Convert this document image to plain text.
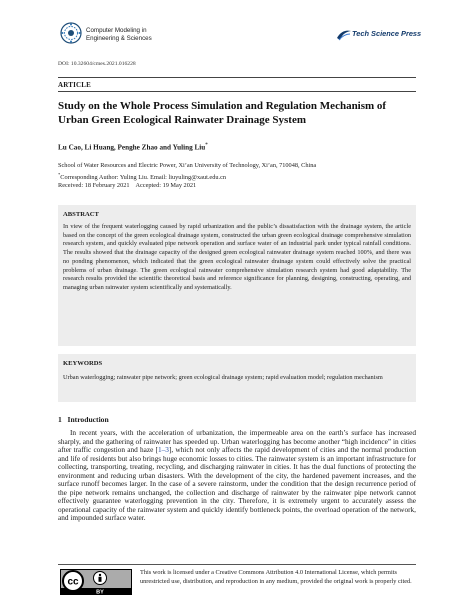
Computer Modeling in
Engineering & Sciences
Tech Science Press
DOI: 10.32604/cmes.2021.016228
ARTICLE
Study on the Whole Process Simulation and Regulation Mechanism of Urban Green Ecological Rainwater Drainage System
Lu Cao, Li Huang, Penghe Zhao and Yuling Liu*
School of Water Resources and Electric Power, Xi’an University of Technology, Xi’an, 710048, China
*Corresponding Author: Yuling Liu. Email: liuyuling@xaut.edu.cn
Received: 18 February 2021    Accepted: 19 May 2021
ABSTRACT
In view of the frequent waterlogging caused by rapid urbanization and the public’s dissatisfaction with the drainage system, the article based on the concept of the green ecological drainage system, constructed the urban green ecological drainage comprehensive simulation research system, and quickly evaluated pipe network operation and surface water of an industrial park under typical rainfall conditions. The results showed that the drainage capacity of the designed green ecological rainwater drainage system reached 100%, and there was no ponding phenomenon, which indicated that the green ecological rainwater drainage system could effectively solve the practical problems of urban drainage. The green ecological rainwater comprehensive simulation research system had good adaptability. The research results provided the scientific theoretical basis and reference significance for planning, designing, constructing, operating, and managing urban rainwater system scientifically and systematically.
KEYWORDS
Urban waterlogging; rainwater pipe network; green ecological drainage system; rapid evaluation model; regulation mechanism
1   Introduction
In recent years, with the acceleration of urbanization, the impermeable area on the earth’s surface has increased sharply, and the gathering of rainwater has speeded up. Urban waterlogging has become another “high incidence” in cities after traffic congestion and haze [1–3], which not only affects the rapid development of cities and the normal production and life of residents but also brings huge economic losses to cities. The rainwater system is an important infrastructure for collecting, transporting, treating, recycling, and discharging rainwater in cities. It has the dual functions of protecting the environment and reducing urban disasters. With the development of the city, the hardened pavement increases, and the surface runoff becomes larger. In the case of a severe rainstorm, under the condition that the design recurrence period of the pipe network remains unchanged, the collection and discharge of rainwater by the rainwater pipe network cannot effectively guarantee waterlogging prevention in the city. Therefore, it is extremely urgent to accurately assess the operational capacity of the rainwater system and quickly identify bottleneck points, the overload operation of the network, and impounded surface water.
cc
BY
This work is licensed under a Creative Commons Attribution 4.0 International License, which permits unrestricted use, distribution, and reproduction in any medium, provided the original work is properly cited.
